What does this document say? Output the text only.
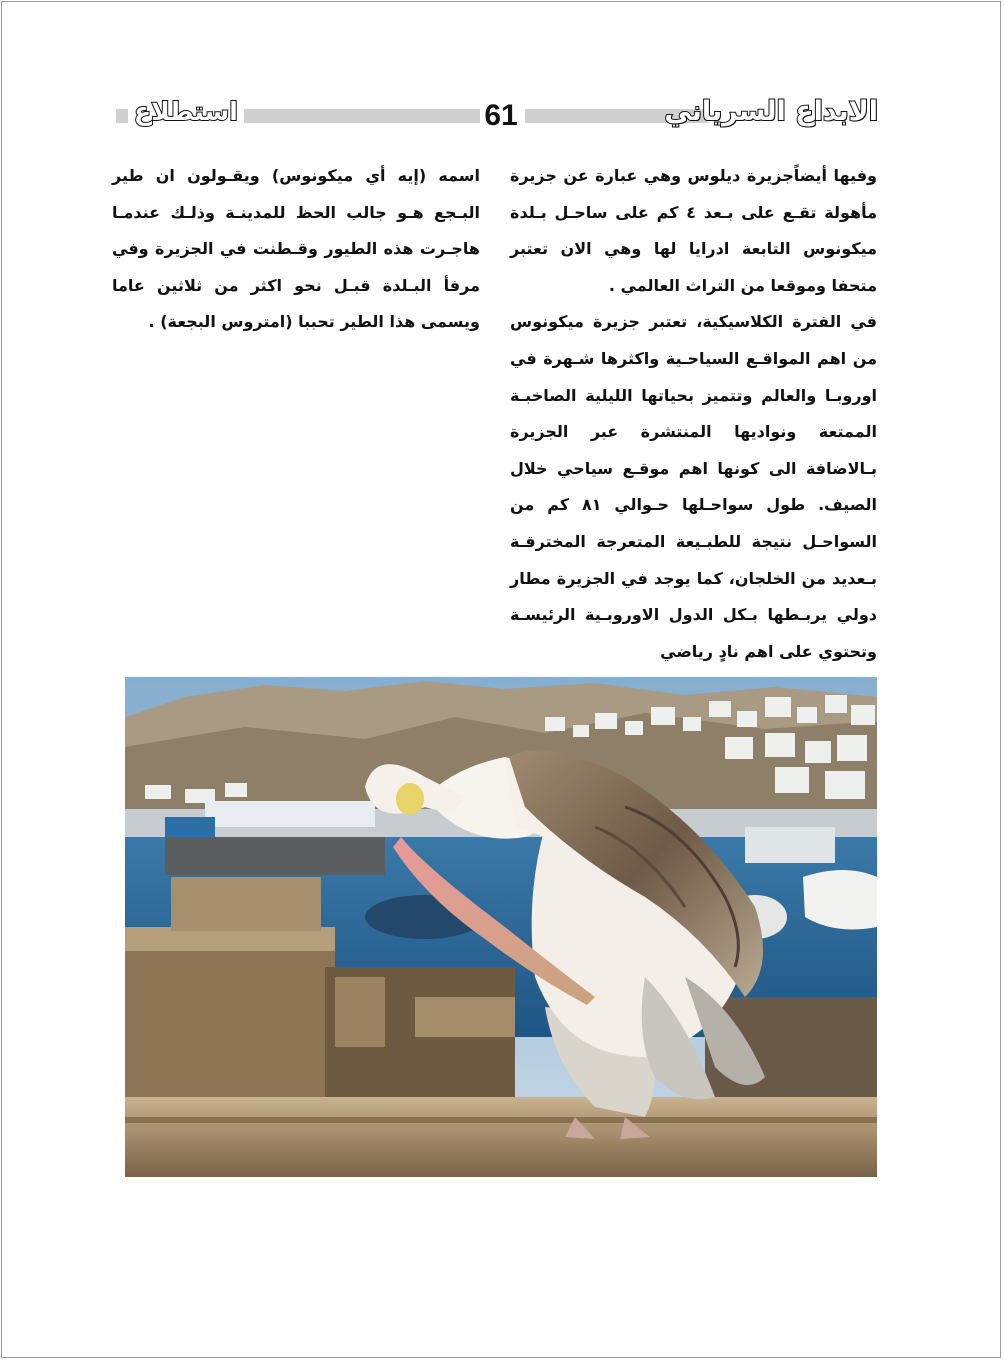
الابداع السرياني
61
استطلاع

وفيها أيضاًجزيرة ديلوس وهي عبارة عن جزيرة مأهولة تقـع على بـعد ٤ كم على ساحـل بـلدة ميكونوس التابعة ادرايا لها وهي الان تعتبر متحفا وموقعا من التراث العالمي .

في الفترة الكلاسيكية، تعتبر جزيرة ميكونوس من اهم المواقـع السياحـية واكثرها شـهرة في اوروبـا والعالم وتتميز بحياتها الليلية الصاخبـة الممتعة ونواديها المنتشرة عبر الجزيرة بـالاضافة الى كونها اهم موقـع سياحي خلال الصيف. طول سواحـلها حـوالي ٨١ كم من السواحـل نتيجة للطبـيعة المتعرجة المخترقـة بـعديد من الخلجان، كما يوجد في الجزيرة مطار دولي يربـطها بـكل الدول الاوروبـية الرئيسـة وتحتوي على اهم نادٍ رياضي

اسمه (إيه أي ميكونوس) ويقـولون ان طير البـجع هـو جالب الحظ للمدينـة وذلـك عندمـا هاجـرت هذه الطيور وقـطنت في الجزيرة وفي مرفأ البـلدة قبـل نحو اكثر من ثلاثين عاما ويسمى هذا الطير تحببا (امتروس البجعة) .
